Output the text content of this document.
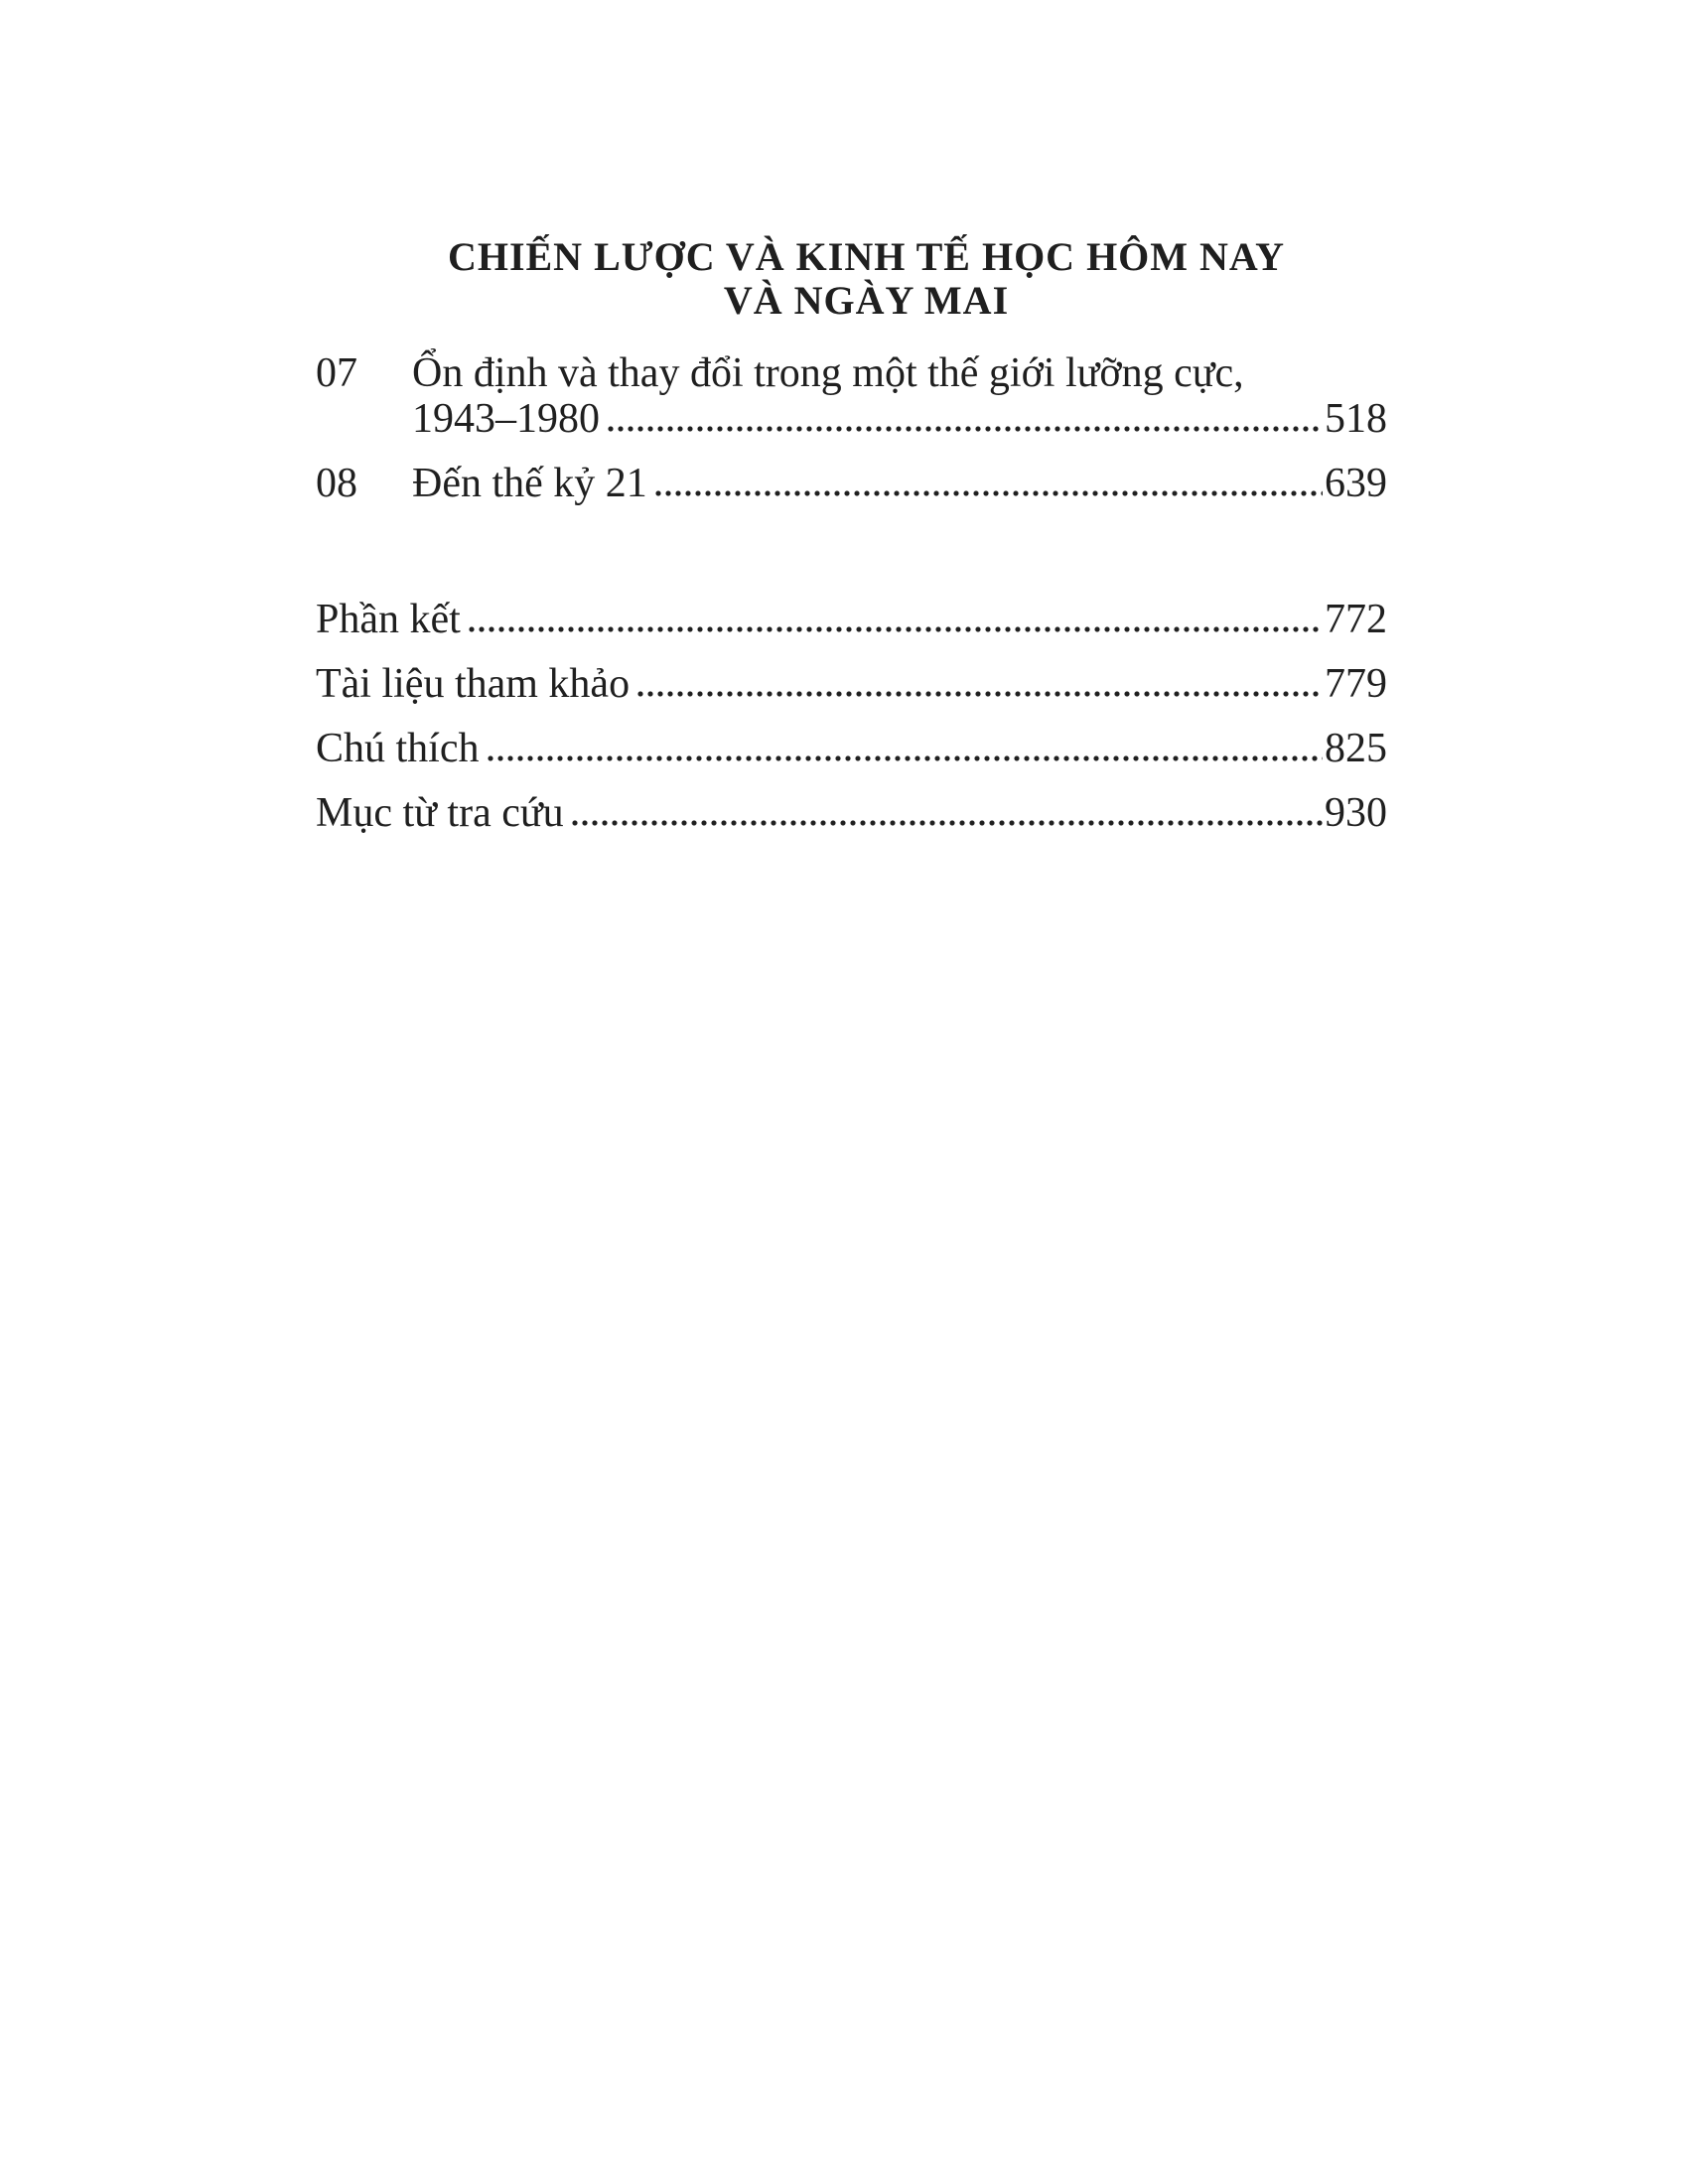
CHIẾN LƯỢC VÀ KINH TẾ HỌC HÔM NAY
VÀ NGÀY MAI
07	Ổn định và thay đổi trong một thế giới lưỡng cực,
1943–1980	518
08	Đến thế kỷ 21	639
Phần kết	772
Tài liệu tham khảo	779
Chú thích	825
Mục từ tra cứu	930
